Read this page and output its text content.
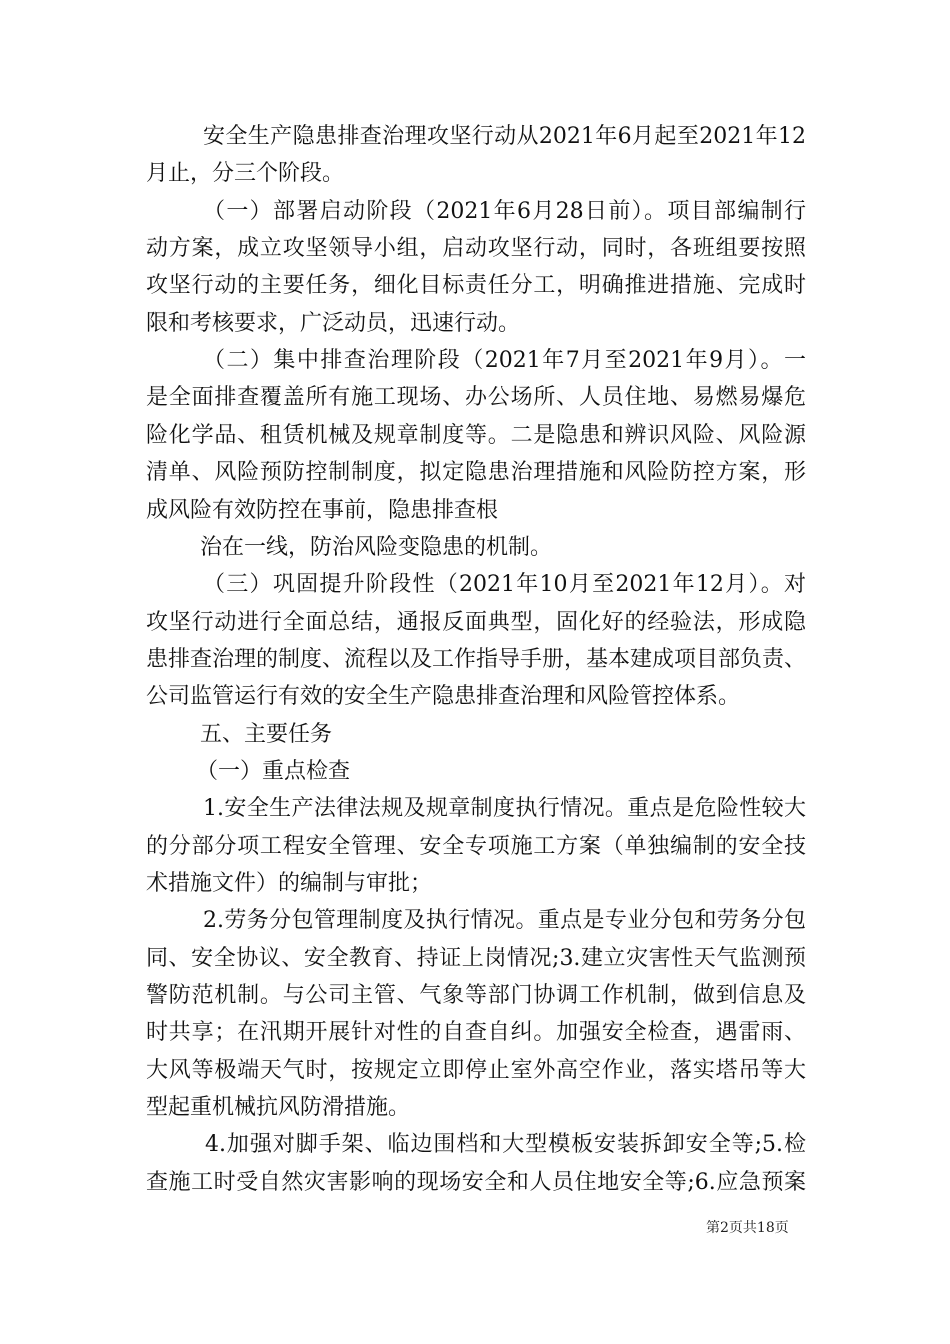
安全生产隐患排查治理攻坚行动从2021年6月起至2021年12
月止，分三个阶段。
（一）部署启动阶段（2021年6月28日前）。项目部编制行
动方案，成立攻坚领导小组，启动攻坚行动，同时，各班组要按照
攻坚行动的主要任务，细化目标责任分工，明确推进措施、完成时
限和考核要求，广泛动员，迅速行动。
（二）集中排查治理阶段（2021年7月至2021年9月）。一
是全面排查覆盖所有施工现场、办公场所、人员住地、易燃易爆危
险化学品、租赁机械及规章制度等。二是隐患和辨识风险、风险源
清单、风险预防控制制度，拟定隐患治理措施和风险防控方案，形
成风险有效防控在事前，隐患排查根
治在一线，防治风险变隐患的机制。
（三）巩固提升阶段性（2021年10月至2021年12月）。对
攻坚行动进行全面总结，通报反面典型，固化好的经验法，形成隐
患排查治理的制度、流程以及工作指导手册，基本建成项目部负责、
公司监管运行有效的安全生产隐患排查治理和风险管控体系。
五、主要任务
（一）重点检查
1.安全生产法律法规及规章制度执行情况。重点是危险性较大
的分部分项工程安全管理、安全专项施工方案（单独编制的安全技
术措施文件）的编制与审批；
2.劳务分包管理制度及执行情况。重点是专业分包和劳务分包
同、安全协议、安全教育、持证上岗情况;3.建立灾害性天气监测预
警防范机制。与公司主管、气象等部门协调工作机制，做到信息及
时共享；在汛期开展针对性的自查自纠。加强安全检查，遇雷雨、
大风等极端天气时，按规定立即停止室外高空作业，落实塔吊等大
型起重机械抗风防滑措施。
4.加强对脚手架、临边围档和大型模板安装拆卸安全等;5.检
查施工时受自然灾害影响的现场安全和人员住地安全等;6.应急预案
第2页共18页
